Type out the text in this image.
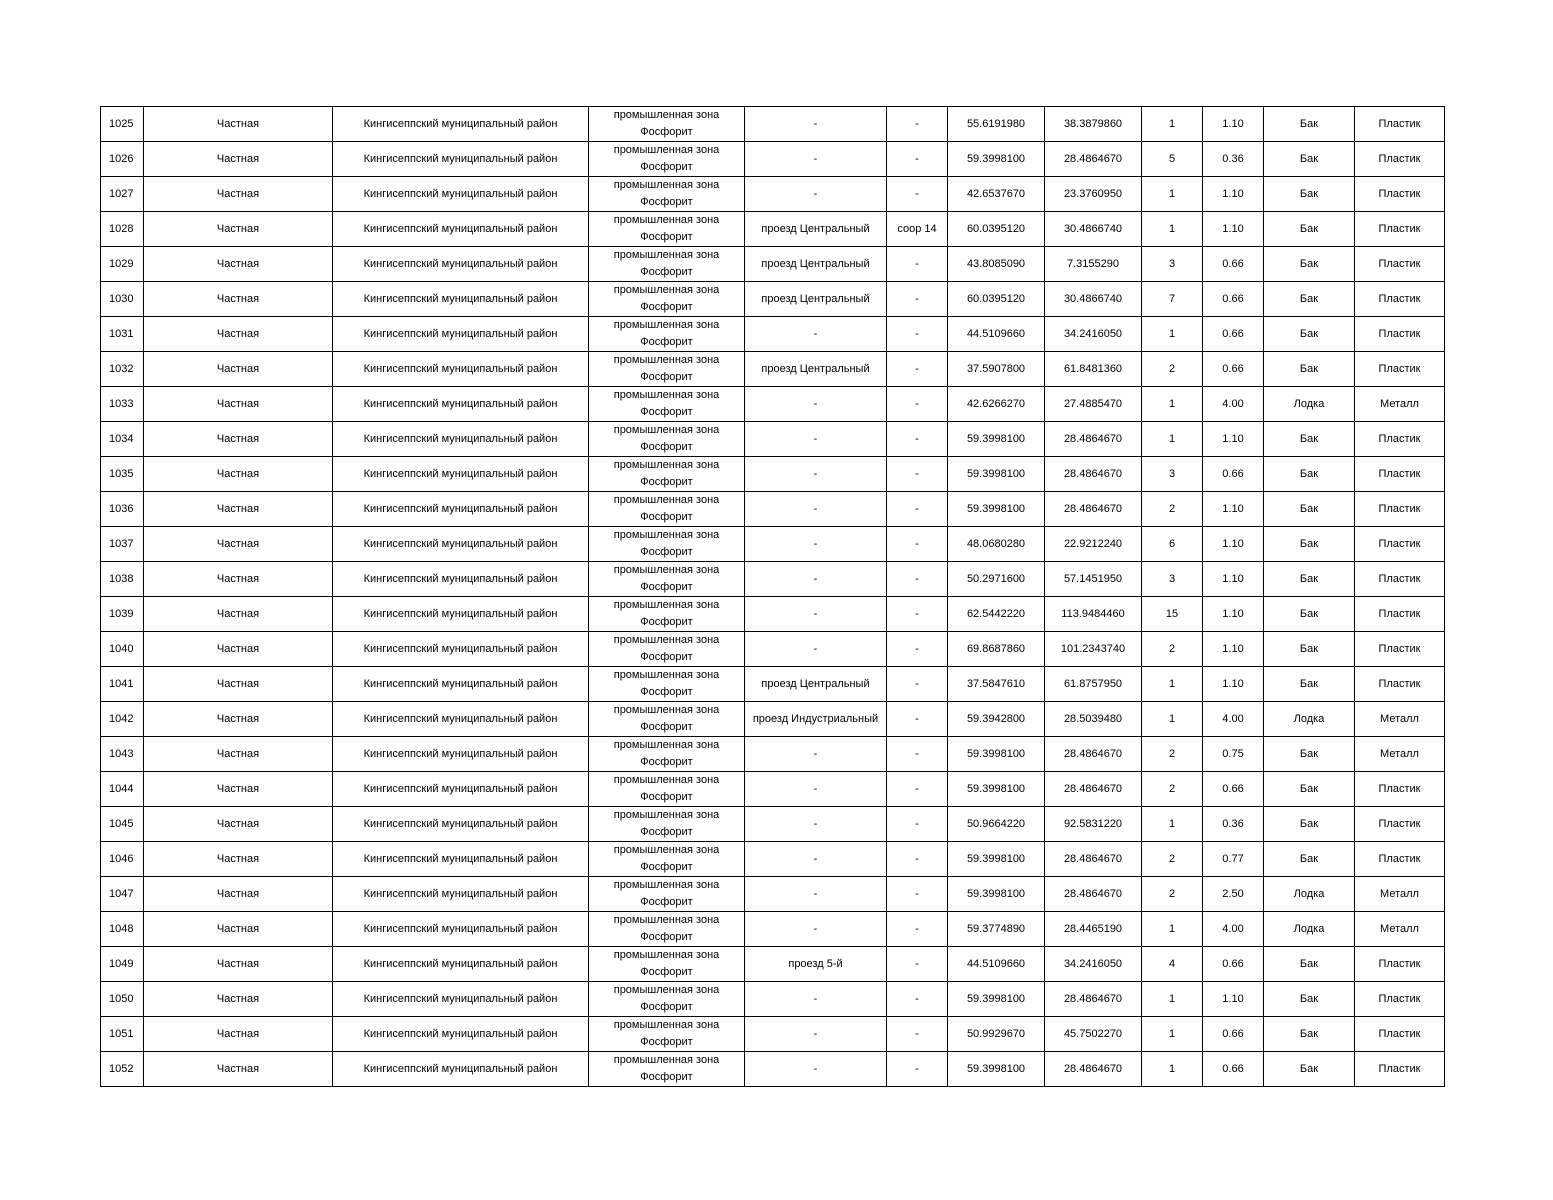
1025	Частная	Кингисеппский муниципальный район	промышленная зона Фосфорит	-	-	55.6191980	38.3879860	1	1.10	Бак	Пластик
1026	Частная	Кингисеппский муниципальный район	промышленная зона Фосфорит	-	-	59.3998100	28.4864670	5	0.36	Бак	Пластик
1027	Частная	Кингисеппский муниципальный район	промышленная зона Фосфорит	-	-	42.6537670	23.3760950	1	1.10	Бак	Пластик
1028	Частная	Кингисеппский муниципальный район	промышленная зона Фосфорит	проезд Центральный	соор 14	60.0395120	30.4866740	1	1.10	Бак	Пластик
1029	Частная	Кингисеппский муниципальный район	промышленная зона Фосфорит	проезд Центральный	-	43.8085090	7.3155290	3	0.66	Бак	Пластик
1030	Частная	Кингисеппский муниципальный район	промышленная зона Фосфорит	проезд Центральный	-	60.0395120	30.4866740	7	0.66	Бак	Пластик
1031	Частная	Кингисеппский муниципальный район	промышленная зона Фосфорит	-	-	44.5109660	34.2416050	1	0.66	Бак	Пластик
1032	Частная	Кингисеппский муниципальный район	промышленная зона Фосфорит	проезд Центральный	-	37.5907800	61.8481360	2	0.66	Бак	Пластик
1033	Частная	Кингисеппский муниципальный район	промышленная зона Фосфорит	-	-	42.6266270	27.4885470	1	4.00	Лодка	Металл
1034	Частная	Кингисеппский муниципальный район	промышленная зона Фосфорит	-	-	59.3998100	28.4864670	1	1.10	Бак	Пластик
1035	Частная	Кингисеппский муниципальный район	промышленная зона Фосфорит	-	-	59.3998100	28.4864670	3	0.66	Бак	Пластик
1036	Частная	Кингисеппский муниципальный район	промышленная зона Фосфорит	-	-	59.3998100	28.4864670	2	1.10	Бак	Пластик
1037	Частная	Кингисеппский муниципальный район	промышленная зона Фосфорит	-	-	48.0680280	22.9212240	6	1.10	Бак	Пластик
1038	Частная	Кингисеппский муниципальный район	промышленная зона Фосфорит	-	-	50.2971600	57.1451950	3	1.10	Бак	Пластик
1039	Частная	Кингисеппский муниципальный район	промышленная зона Фосфорит	-	-	62.5442220	113.9484460	15	1.10	Бак	Пластик
1040	Частная	Кингисеппский муниципальный район	промышленная зона Фосфорит	-	-	69.8687860	101.2343740	2	1.10	Бак	Пластик
1041	Частная	Кингисеппский муниципальный район	промышленная зона Фосфорит	проезд Центральный	-	37.5847610	61.8757950	1	1.10	Бак	Пластик
1042	Частная	Кингисеппский муниципальный район	промышленная зона Фосфорит	проезд Индустриальный	-	59.3942800	28.5039480	1	4.00	Лодка	Металл
1043	Частная	Кингисеппский муниципальный район	промышленная зона Фосфорит	-	-	59.3998100	28.4864670	2	0.75	Бак	Металл
1044	Частная	Кингисеппский муниципальный район	промышленная зона Фосфорит	-	-	59.3998100	28.4864670	2	0.66	Бак	Пластик
1045	Частная	Кингисеппский муниципальный район	промышленная зона Фосфорит	-	-	50.9664220	92.5831220	1	0.36	Бак	Пластик
1046	Частная	Кингисеппский муниципальный район	промышленная зона Фосфорит	-	-	59.3998100	28.4864670	2	0.77	Бак	Пластик
1047	Частная	Кингисеппский муниципальный район	промышленная зона Фосфорит	-	-	59.3998100	28.4864670	2	2.50	Лодка	Металл
1048	Частная	Кингисеппский муниципальный район	промышленная зона Фосфорит	-	-	59.3774890	28.4465190	1	4.00	Лодка	Металл
1049	Частная	Кингисеппский муниципальный район	промышленная зона Фосфорит	проезд 5-й	-	44.5109660	34.2416050	4	0.66	Бак	Пластик
1050	Частная	Кингисеппский муниципальный район	промышленная зона Фосфорит	-	-	59.3998100	28.4864670	1	1.10	Бак	Пластик
1051	Частная	Кингисеппский муниципальный район	промышленная зона Фосфорит	-	-	50.9929670	45.7502270	1	0.66	Бак	Пластик
1052	Частная	Кингисеппский муниципальный район	промышленная зона Фосфорит	-	-	59.3998100	28.4864670	1	0.66	Бак	Пластик
